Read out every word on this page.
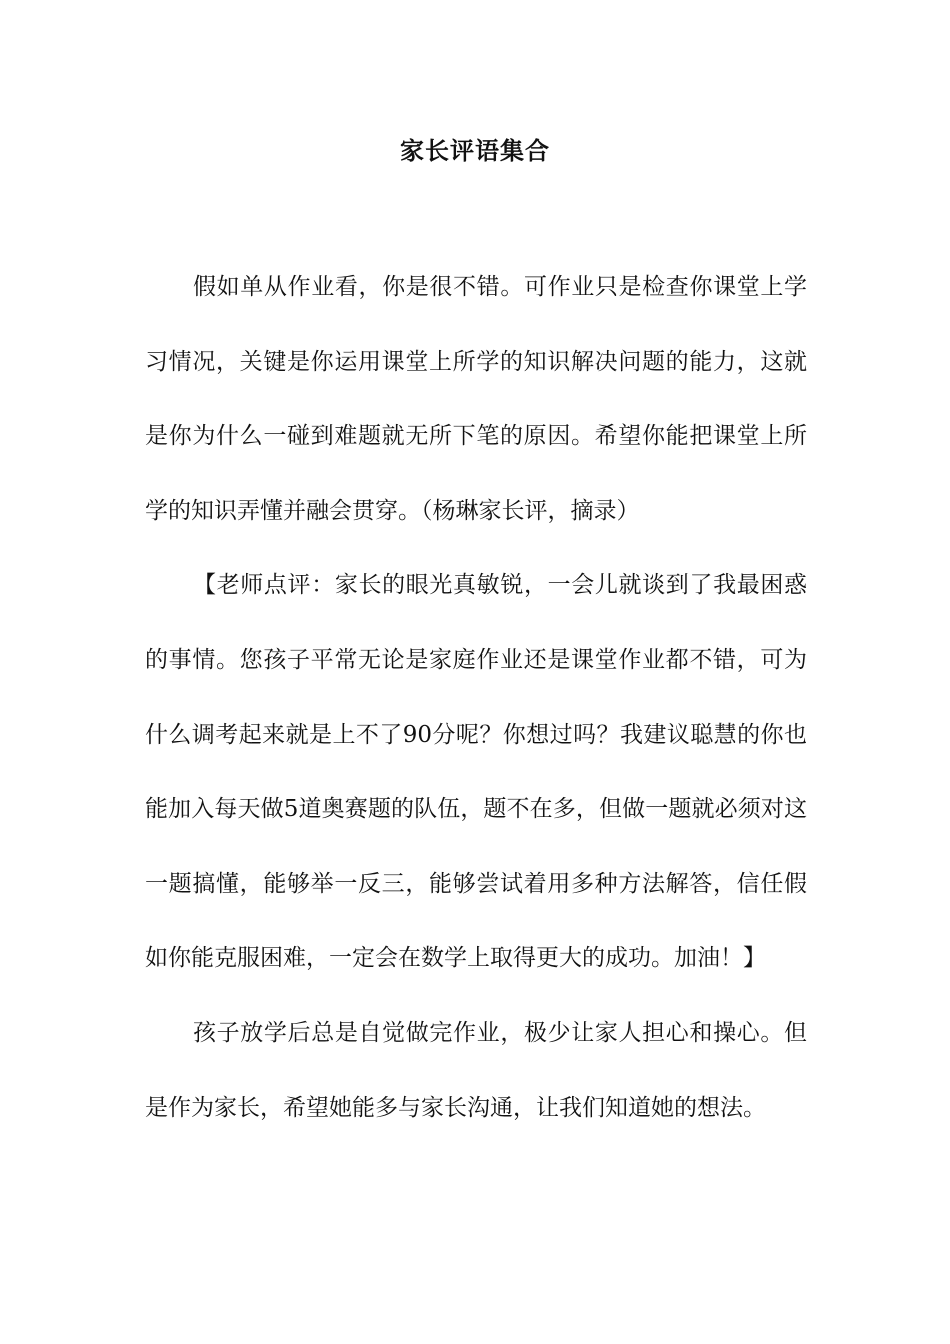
家长评语集合

假如单从作业看，你是很不错。可作业只是检查你课堂上学习情况，关键是你运用课堂上所学的知识解决问题的能力，这就是你为什么一碰到难题就无所下笔的原因。希望你能把课堂上所学的知识弄懂并融会贯穿。（杨琳家长评，摘录）

【老师点评：家长的眼光真敏锐，一会儿就谈到了我最困惑的事情。您孩子平常无论是家庭作业还是课堂作业都不错，可为什么调考起来就是上不了90分呢？你想过吗？我建议聪慧的你也能加入每天做5道奥赛题的队伍，题不在多，但做一题就必须对这一题搞懂，能够举一反三，能够尝试着用多种方法解答，信任假如你能克服困难，一定会在数学上取得更大的成功。加油！】

孩子放学后总是自觉做完作业，极少让家人担心和操心。但是作为家长，希望她能多与家长沟通，让我们知道她的想法。
